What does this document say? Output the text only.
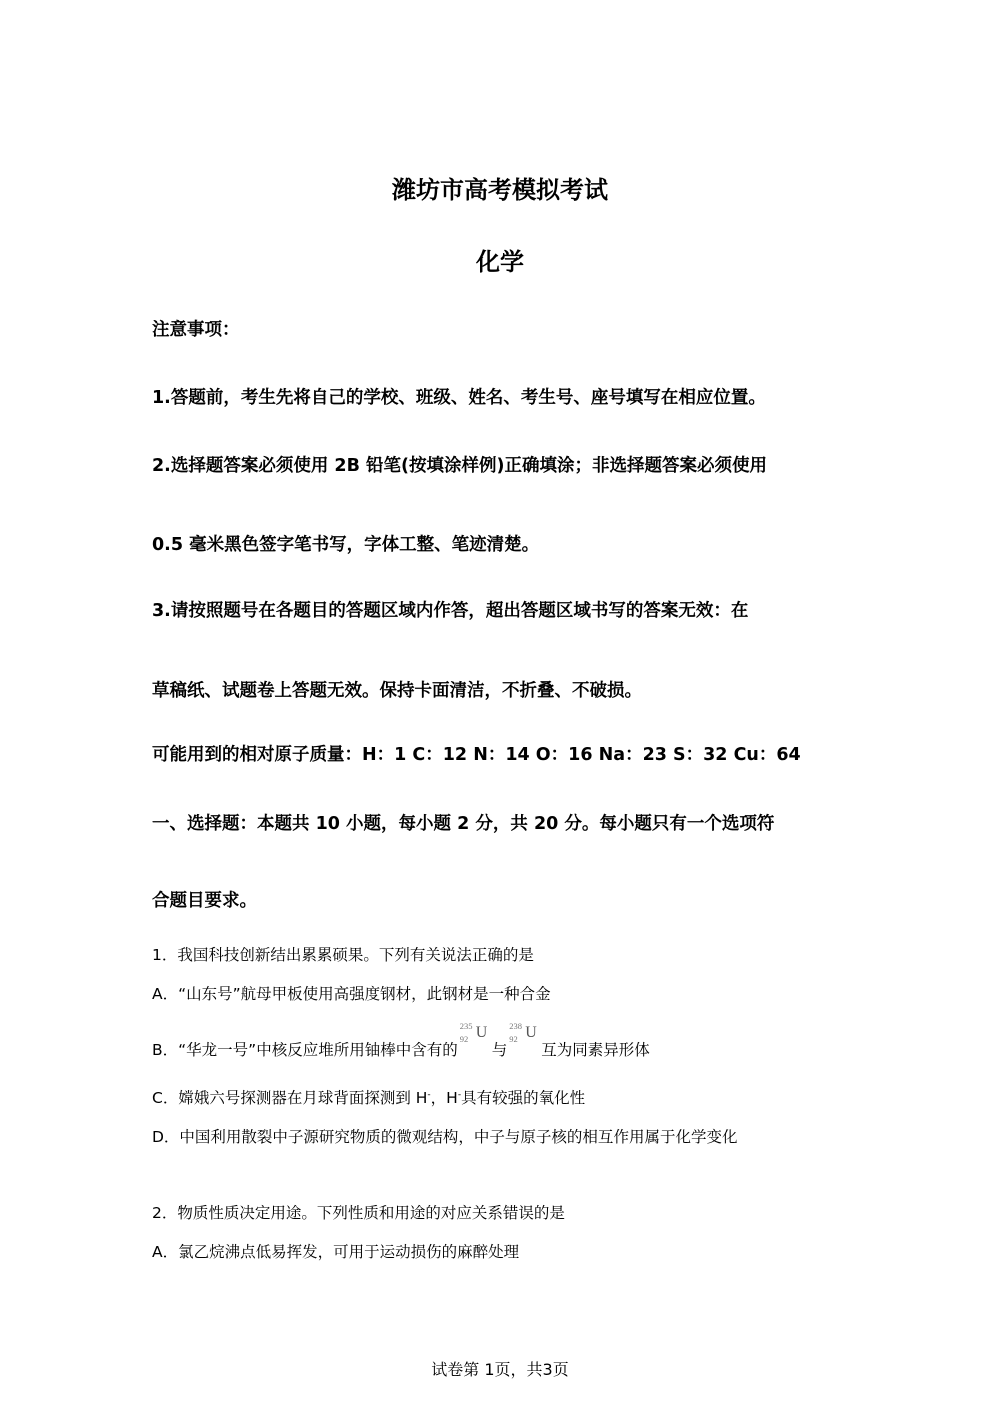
潍坊市高考模拟考试
化学
注意事项：
1.答题前，考生先将自己的学校、班级、姓名、考生号、座号填写在相应位置。
2.选择题答案必须使用 2B 铅笔(按填涂样例)正确填涂；非选择题答案必须使用
0.5 毫米黑色签字笔书写，字体工整、笔迹清楚。
3.请按照题号在各题目的答题区域内作答，超出答题区域书写的答案无效：在
草稿纸、试题卷上答题无效。保持卡面清洁，不折叠、不破损。
可能用到的相对原子质量：H：1 C：12 N：14 O：16 Na：23 S：32 Cu：64
一、选择题：本题共 10 小题，每小题 2 分，共 20 分。每小题只有一个选项符
合题目要求。
1．我国科技创新结出累累硕果。下列有关说法正确的是
A．“山东号”航母甲板使用高强度钢材，此钢材是一种合金
B．“华龙一号”中核反应堆所用铀棒中含有的
235
92 U
与
238
92 U
互为同素异形体
C．嫦娥六号探测器在月球背面探测到 H-，H-具有较强的氧化性
D．中国利用散裂中子源研究物质的微观结构，中子与原子核的相互作用属于化学变化
2．物质性质决定用途。下列性质和用途的对应关系错误的是
A．氯乙烷沸点低易挥发，可用于运动损伤的麻醉处理
试卷第 1页，共3页
